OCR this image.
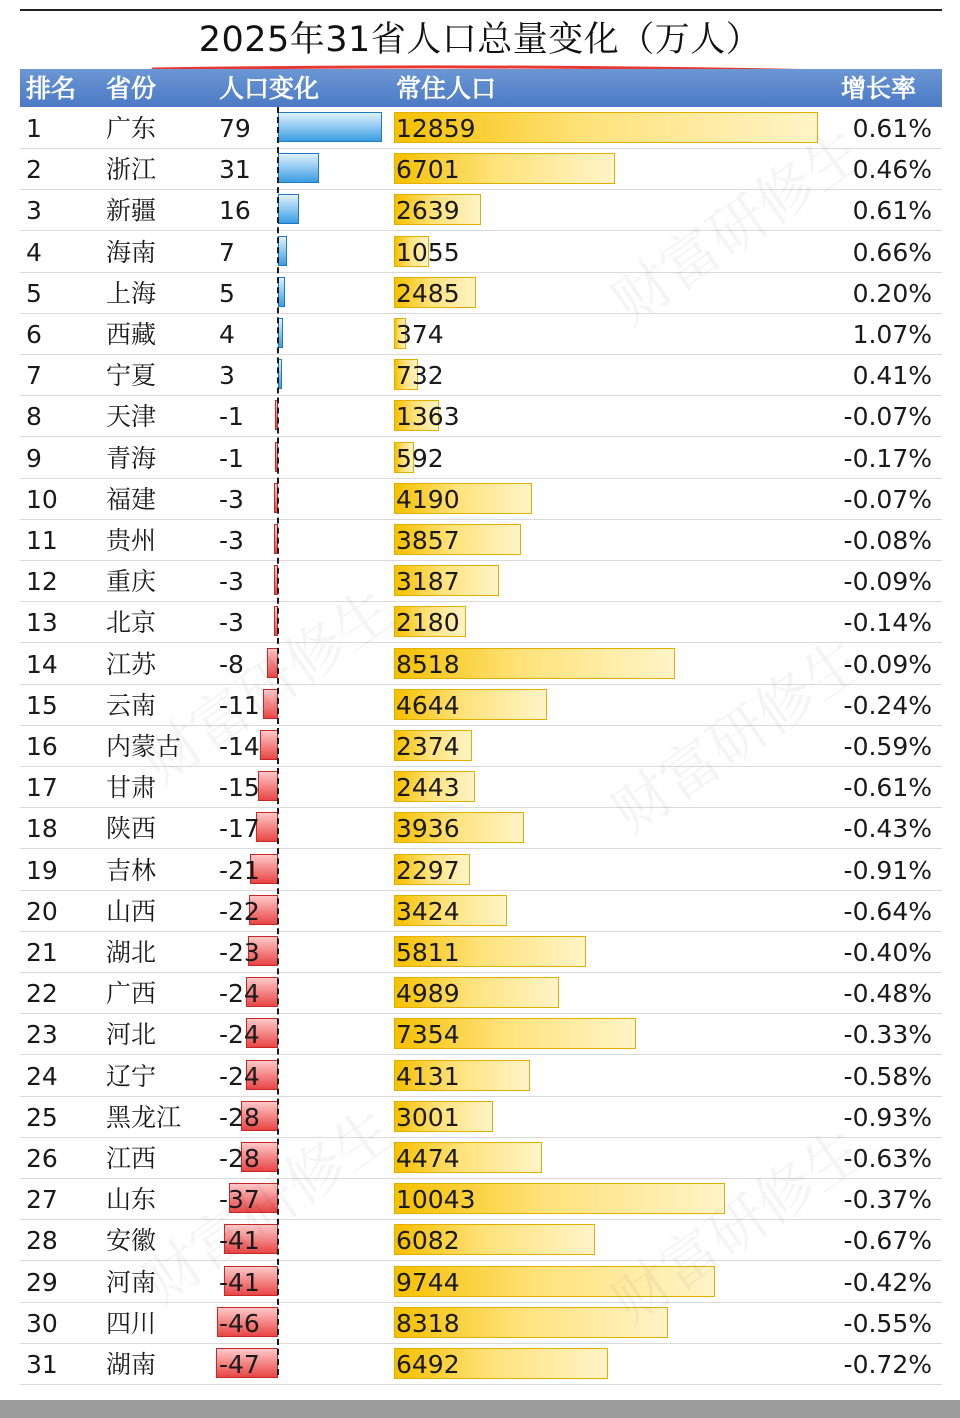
2025年31省人口总量变化（万人）
排名 省份	人口变化	常住人口	增长率
1	广东	79	12859	0.61%
2	浙江	31	6701	0.46%
3	新疆	16	2639	0.61%
4	海南	7	1055	0.66%
5	上海	5	2485	0.20%
6	西藏	4	374	1.07%
7	宁夏	3	732	0.41%
8	天津	-1	1363	-0.07%
9	青海	-1	592	-0.17%
10 福建	-3	4190	-0.07%
11 贵州	-3	3857	-0.08%
12 重庆	-3	3187	-0.09%
13 北京	-3	2180	-0.14%
14 江苏	-8	8518	-0.09%
15 云南	-11	4644	-0.24%
16 内蒙古 -14	2374	-0.59%
17 甘肃	-15	2443	-0.61%
18 陕西	-17	3936	-0.43%
19 吉林	-21	2297	-0.91%
20 山西	-22	3424	-0.64%
21 湖北	-23	5811	-0.40%
22 广西	-24	4989	-0.48%
23 河北	-24	7354	-0.33%
24 辽宁	-24	4131	-0.58%
25 黑龙江 -28	3001	-0.93%
26 江西	-28	4474	-0.63%
27 山东	-37	10043	-0.37%
28 安徽	-41	6082	-0.67%
29 河南	-41	9744	-0.42%
30 四川	-46	8318	-0.55%
31 湖南	-47	6492	-0.72%
